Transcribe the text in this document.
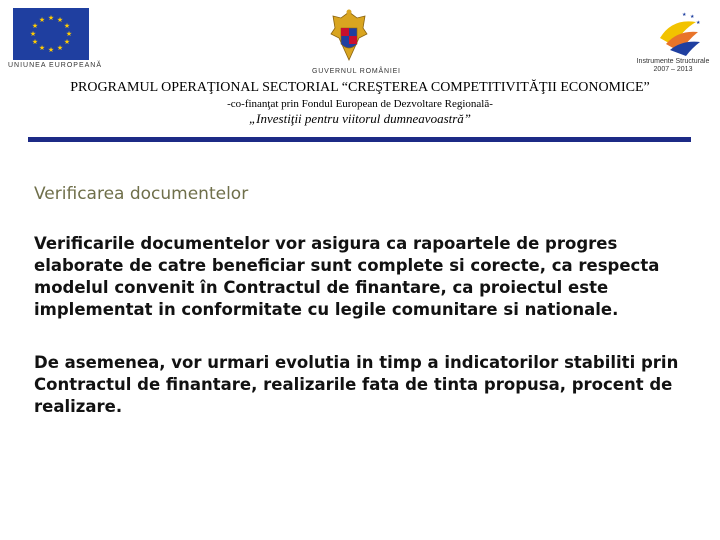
★ ★
★
★
★
★
★
★
★
★
★
★
UNIUNEA EUROPEANĂ
GUVERNUL ROMÂNIEI
★ ★
★
Instrumente Structurale
2007 – 2013
PROGRAMUL OPERAŢIONAL SECTORIAL “CREŞTEREA COMPETITIVITĂŢII ECONOMICE”
-co-finanţat prin Fondul European de Dezvoltare Regională-
„Investiţii pentru viitorul dumneavoastră”
Verificarea documentelor
Verificarile documentelor vor asigura ca rapoartele de progres elaborate de catre beneficiar sunt complete si corecte, ca respecta modelul convenit în Contractul de finantare, ca proiectul este implementat in conformitate cu legile comunitare si nationale.
De asemenea, vor urmari evolutia in timp a indicatorilor stabiliti prin Contractul de finantare, realizarile fata de tinta propusa, procent de realizare.
